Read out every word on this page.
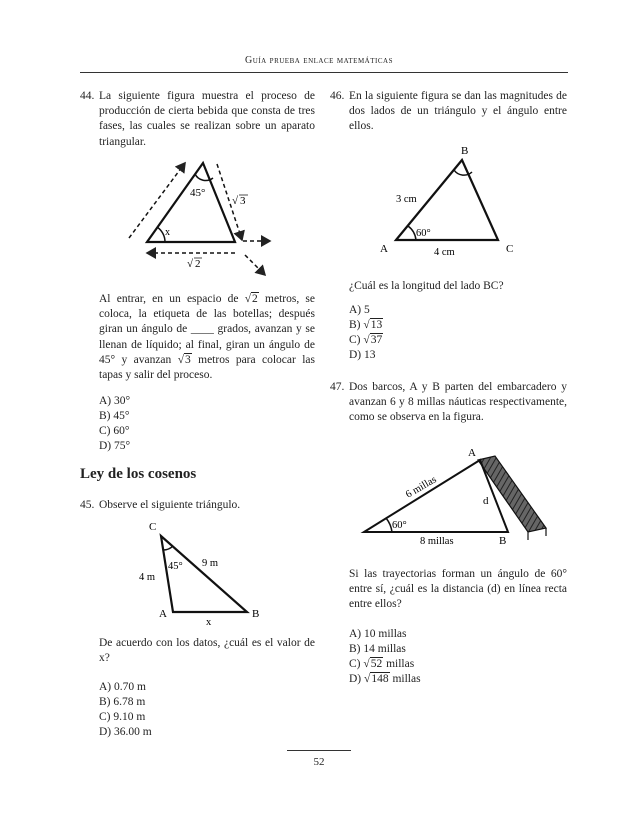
Guía prueba enlace matemáticas
44. La siguiente figura muestra el proceso de producción de cierta bebida que consta de tres fases, las cuales se realizan sobre un aparato triangular.

45°
x
√ 3
√ 2

Al entrar, en un espacio de √2 metros, se coloca, la etiqueta de las botellas; después giran un ángulo de ____ grados, avanzan y se llenan de líquido; al final, giran un ángulo de 45° y avanzan √3 metros para colocar las tapas y salir del proceso.

A) 30°
B) 45°
C) 60°
D) 75°
Ley de los cosenos
45. Observe el siguiente triángulo.
C
A	B
45°
4 m
9 m
x

De acuerdo con los datos, ¿cuál es el valor de x?

A) 0.70 m
B) 6.78 m
C) 9.10 m
D) 36.00 m
46. En la siguiente figura se dan las magnitudes de dos lados de un triángulo y el ángulo entre ellos.

B
A	C
3 cm
60°
4 cm
¿Cuál es la longitud del lado BC?
A) 5
B) √13
C) √37
D) 13
47. Dos barcos, A y B parten del embarcadero y avanzan 6 y 8 millas náuticas respectivamente, como se observa en la figura.

A
B
d
60°
8 millas
6 millas

Si las trayectorias forman un ángulo de 60° entre sí, ¿cuál es la distancia (d) en línea recta entre ellos?

A) 10 millas
B) 14 millas
C) √52 millas
D) √148 millas
52
